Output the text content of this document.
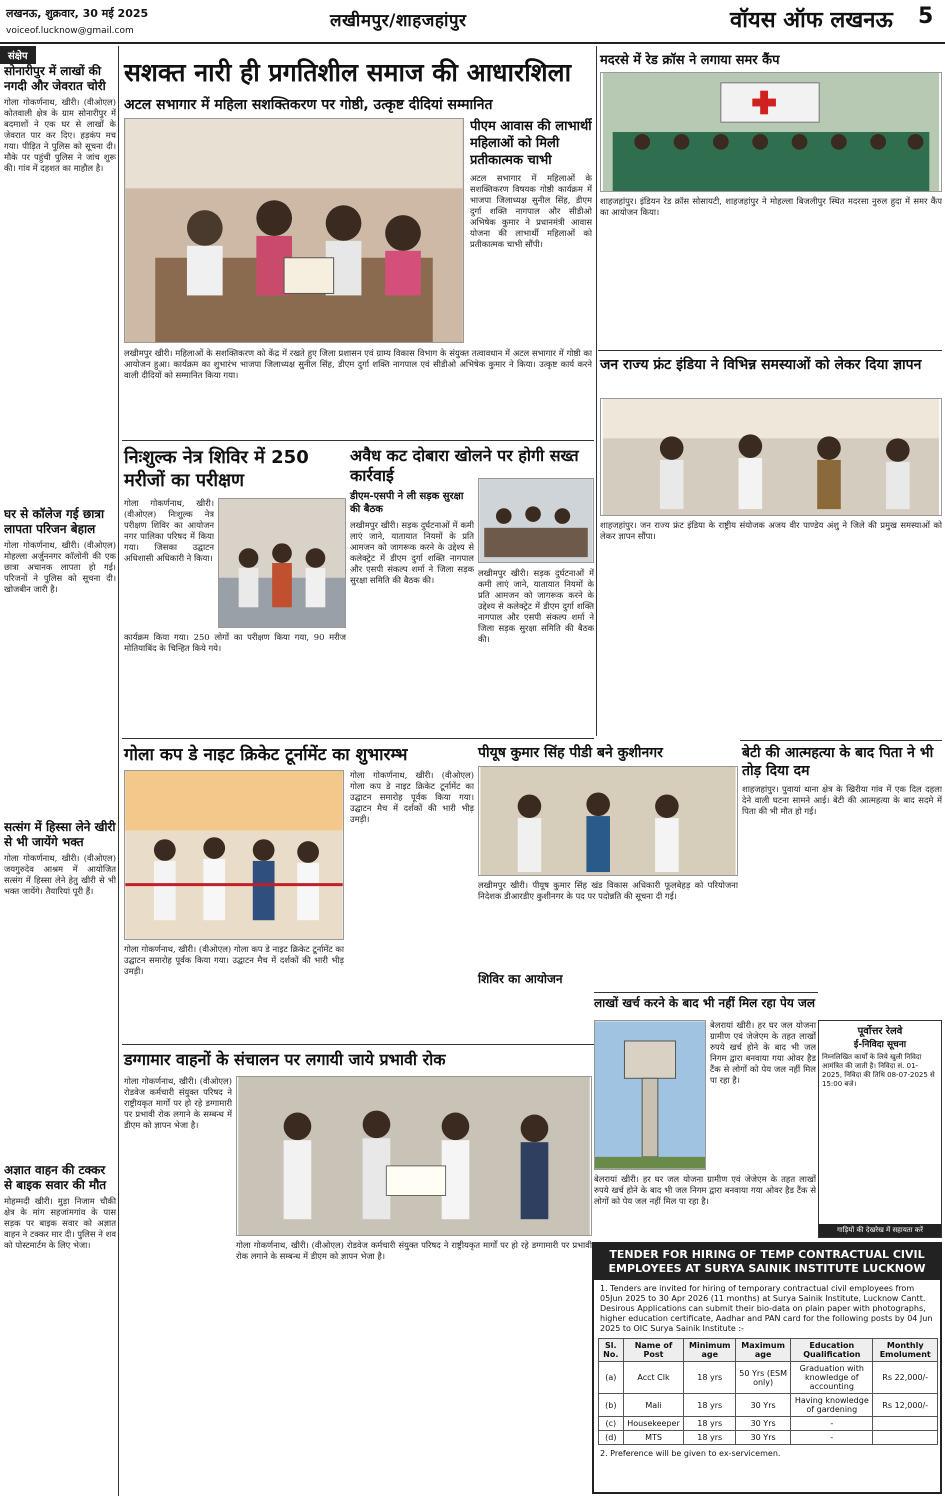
लखनऊ, शुक्रवार, 30 मई 2025
voiceof.lucknow@gmail.com	लखीमपुर/शाहजहांपुर	वॉयस ऑफ लखनऊ 5
संक्षेप
सोनारीपुर में लाखों की नगदी और जेवरात चोरी
गोला गोकर्णनाथ, खीरी। (वीओएल) कोतवाली क्षेत्र के ग्राम सोनारीपुर में बदमाशों ने एक घर से लाखों के जेवरात पार कर दिए। हड़कंप मच गया। पीड़ित ने पुलिस को सूचना दी। मौके पर पहुंची पुलिस ने जांच शुरू की। गांव में दहशत का माहौल है।
घर से कॉलेज गई छात्रा लापता परिजन बेहाल
गोला गोकर्णनाथ, खीरी। (वीओएल) मोहल्ला अर्जुननगर कॉलोनी की एक छात्रा अचानक लापता हो गई। परिजनों ने पुलिस को सूचना दी। खोजबीन जारी है।
सत्संग में हिस्सा लेने खीरी से भी जायेंगे भक्त
गोला गोकर्णनाथ, खीरी। (वीओएल) जयगुरुदेव आश्रम में आयोजित सत्संग में हिस्सा लेने हेतु खीरी से भी भक्त जायेंगे। तैयारियां पूरी हैं।
अज्ञात वाहन की टक्कर से बाइक सवार की मौत
मोहम्मदी खीरी। मुड़ा निजाम चौकी क्षेत्र के मांग सहजांमगांव के पास सड़क पर बाइक सवार को अज्ञात वाहन ने टक्कर मार दी। पुलिस ने शव को पोस्टमार्टम के लिए भेजा।
सशक्त नारी ही प्रगतिशील समाज की आधारशिला
अटल सभागार में महिला सशक्तिकरण पर गोष्ठी, उत्कृष्ट दीदियां सम्मानित
पीएम आवास की लाभार्थी महिलाओं को मिली प्रतीकात्मक चाभी
अटल सभागार में महिलाओं के सशक्तिकरण विषयक गोष्ठी कार्यक्रम में भाजपा जिलाध्यक्ष सुनील सिंह, डीएम दुर्गा शक्ति नागपाल और सीडीओ अभिषेक कुमार ने प्रधानमंत्री आवास योजना की लाभार्थी महिलाओं को प्रतीकात्मक चाभी सौंपी।
लखीमपुर खीरी। महिलाओं के सशक्तिकरण को केंद्र में रखते हुए जिला प्रशासन एवं ग्राम्य विकास विभाग के संयुक्त तत्वावधान में अटल सभागार में गोष्ठी का आयोजन हुआ। कार्यक्रम का शुभारंभ भाजपा जिलाध्यक्ष सुनील सिंह, डीएम दुर्गा शक्ति नागपाल एवं सीडीओ अभिषेक कुमार ने किया। उत्कृष्ट कार्य करने वाली दीदियों को सम्मानित किया गया।
निःशुल्क नेत्र शिविर में 250 मरीजों का परीक्षण
गोला गोकर्णनाथ, खीरी। (वीओएल) निःशुल्क नेत्र परीक्षण शिविर का आयोजन नगर पालिका परिषद में किया गया। जिसका उद्घाटन अधिशासी अधिकारी ने किया।
कार्यक्रम किया गया। 250 लोगों का परीक्षण किया गया, 90 मरीज मोतियाबिंद के चिन्हित किये गये।
अवैध कट दोबारा खोलने पर होगी सख्त कार्रवाई
डीएम-एसपी ने ली सड़क सुरक्षा की बैठक
लखीमपुर खीरी। सड़क दुर्घटनाओं में कमी लाएं जाने, यातायात नियमों के प्रति आमजन को जागरूक करने के उद्देश्य से कलेक्ट्रेट में डीएम दुर्गा शक्ति नागपाल और एसपी संकल्प शर्मा ने जिला सड़क सुरक्षा समिति की बैठक की।
लखीमपुर खीरी। सड़क दुर्घटनाओं में कमी लाएं जाने, यातायात नियमों के प्रति आमजन को जागरूक करने के उद्देश्य से कलेक्ट्रेट में डीएम दुर्गा शक्ति नागपाल और एसपी संकल्प शर्मा ने जिला सड़क सुरक्षा समिति की बैठक की।
गोला कप डे नाइट क्रिकेट टूर्नामेंट का शुभारम्भ
गोला गोकर्णनाथ, खीरी। (वीओएल) गोला कप डे नाइट क्रिकेट टूर्नामेंट का उद्घाटन समारोह पूर्वक किया गया। उद्घाटन मैच में दर्शकों की भारी भीड़ उमड़ी।
गोला गोकर्णनाथ, खीरी। (वीओएल) गोला कप डे नाइट क्रिकेट टूर्नामेंट का उद्घाटन समारोह पूर्वक किया गया। उद्घाटन मैच में दर्शकों की भारी भीड़ उमड़ी।
पीयूष कुमार सिंह पीडी बने कुशीनगर
डग्गामार वाहनों के संचालन पर लगायी जाये प्रभावी रोक
गोला गोकर्णनाथ, खीरी। (वीओएल) रोडवेज कर्मचारी संयुक्त परिषद ने राष्ट्रीयकृत मार्गों पर हो रहे डग्गामारी पर प्रभावी रोक लगाने के सम्बन्ध में डीएम को ज्ञापन भेजा है।
गोला गोकर्णनाथ, खीरी। (वीओएल) रोडवेज कर्मचारी संयुक्त परिषद ने राष्ट्रीयकृत मार्गों पर हो रहे डग्गामारी पर प्रभावी रोक लगाने के सम्बन्ध में डीएम को ज्ञापन भेजा है।
लखीमपुर खीरी। पीयूष कुमार सिंह खंड विकास अधिकारी फूलबेहड़ को परियोजना निदेशक डीआरडीए कुशीनगर के पद पर पदोन्नति की सूचना दी गई।
शिविर का आयोजन
लाखों खर्च करने के बाद भी नहीं मिल रहा पेय जल
बेलरायां खीरी। हर घर जल योजना ग्रामीण एवं जेजेएम के तहत लाखों रुपये खर्च होने के बाद भी जल निगम द्वारा बनवाया गया ओवर हैड टैंक से लोगों को पेय जल नहीं मिल पा रहा है।
बेलरायां खीरी। हर घर जल योजना ग्रामीण एवं जेजेएम के तहत लाखों रुपये खर्च होने के बाद भी जल निगम द्वारा बनवाया गया ओवर हैड टैंक से लोगों को पेय जल नहीं मिल पा रहा है।
मदरसे में रेड क्रॉस ने लगाया समर कैंप
शाहजहांपुर। इंडियन रेड क्रॉस सोसायटी, शाहजहांपुर ने मोहल्ला बिजलीपुर स्थित मदरसा नुरुल हुदा में समर कैंप का आयोजन किया।
जन राज्य फ्रंट इंडिया ने विभिन्न समस्याओं को लेकर दिया ज्ञापन
शाहजहांपुर। जन राज्य फ्रंट इंडिया के राष्ट्रीय संयोजक अजय वीर पाण्डेय अंशु ने जिले की प्रमुख समस्याओं को लेकर ज्ञापन सौंपा।
बेटी की आत्महत्या के बाद पिता ने भी तोड़ दिया दम
शाहजहांपुर। पुवायां थाना क्षेत्र के खिरीया गांव में एक दिल दहला देने वाली घटना सामने आई। बेटी की आत्महत्या के बाद सदमे में पिता की भी मौत हो गई।
पूर्वोत्तर रेलवे
ई-निविदा सूचना
निम्नलिखित कार्यों के लिये खुली निविदा आमंत्रित की जाती है। निविदा सं. 01-2025, निविदा की तिथि 08-07-2025 से 15:00 बजे।
गाड़ियों की देखरेख में सहायता करें
TENDER FOR HIRING OF TEMP CONTRACTUAL CIVIL EMPLOYEES AT SURYA SAINIK INSTITUTE LUCKNOW
1. Tenders are invited for hiring of temporary contractual civil employees from 05Jun 2025 to 30 Apr 2026 (11 months) at Surya Sainik Institute, Lucknow Cantt. Desirous Applications can submit their bio-data on plain paper with photographs, higher education certificate, Aadhar and PAN card for the following posts by 04 Jun 2025 to OIC Surya Sainik Institute :-
Sl. No.	Name of Post	Minimum age	Maximum age	Education Qualification	Monthly Emolument
(a)	Acct Clk	18 yrs	50 Yrs (ESM only)	Graduation with knowledge of accounting	Rs 22,000/-
(b)	Mali	18 yrs	30 Yrs	Having knowledge of gardening	Rs 12,000/-
(c)	Housekeeper	18 yrs	30 Yrs	-	
(d)	MTS	18 yrs	30 Yrs	-	
2. Preference will be given to ex-servicemen.
